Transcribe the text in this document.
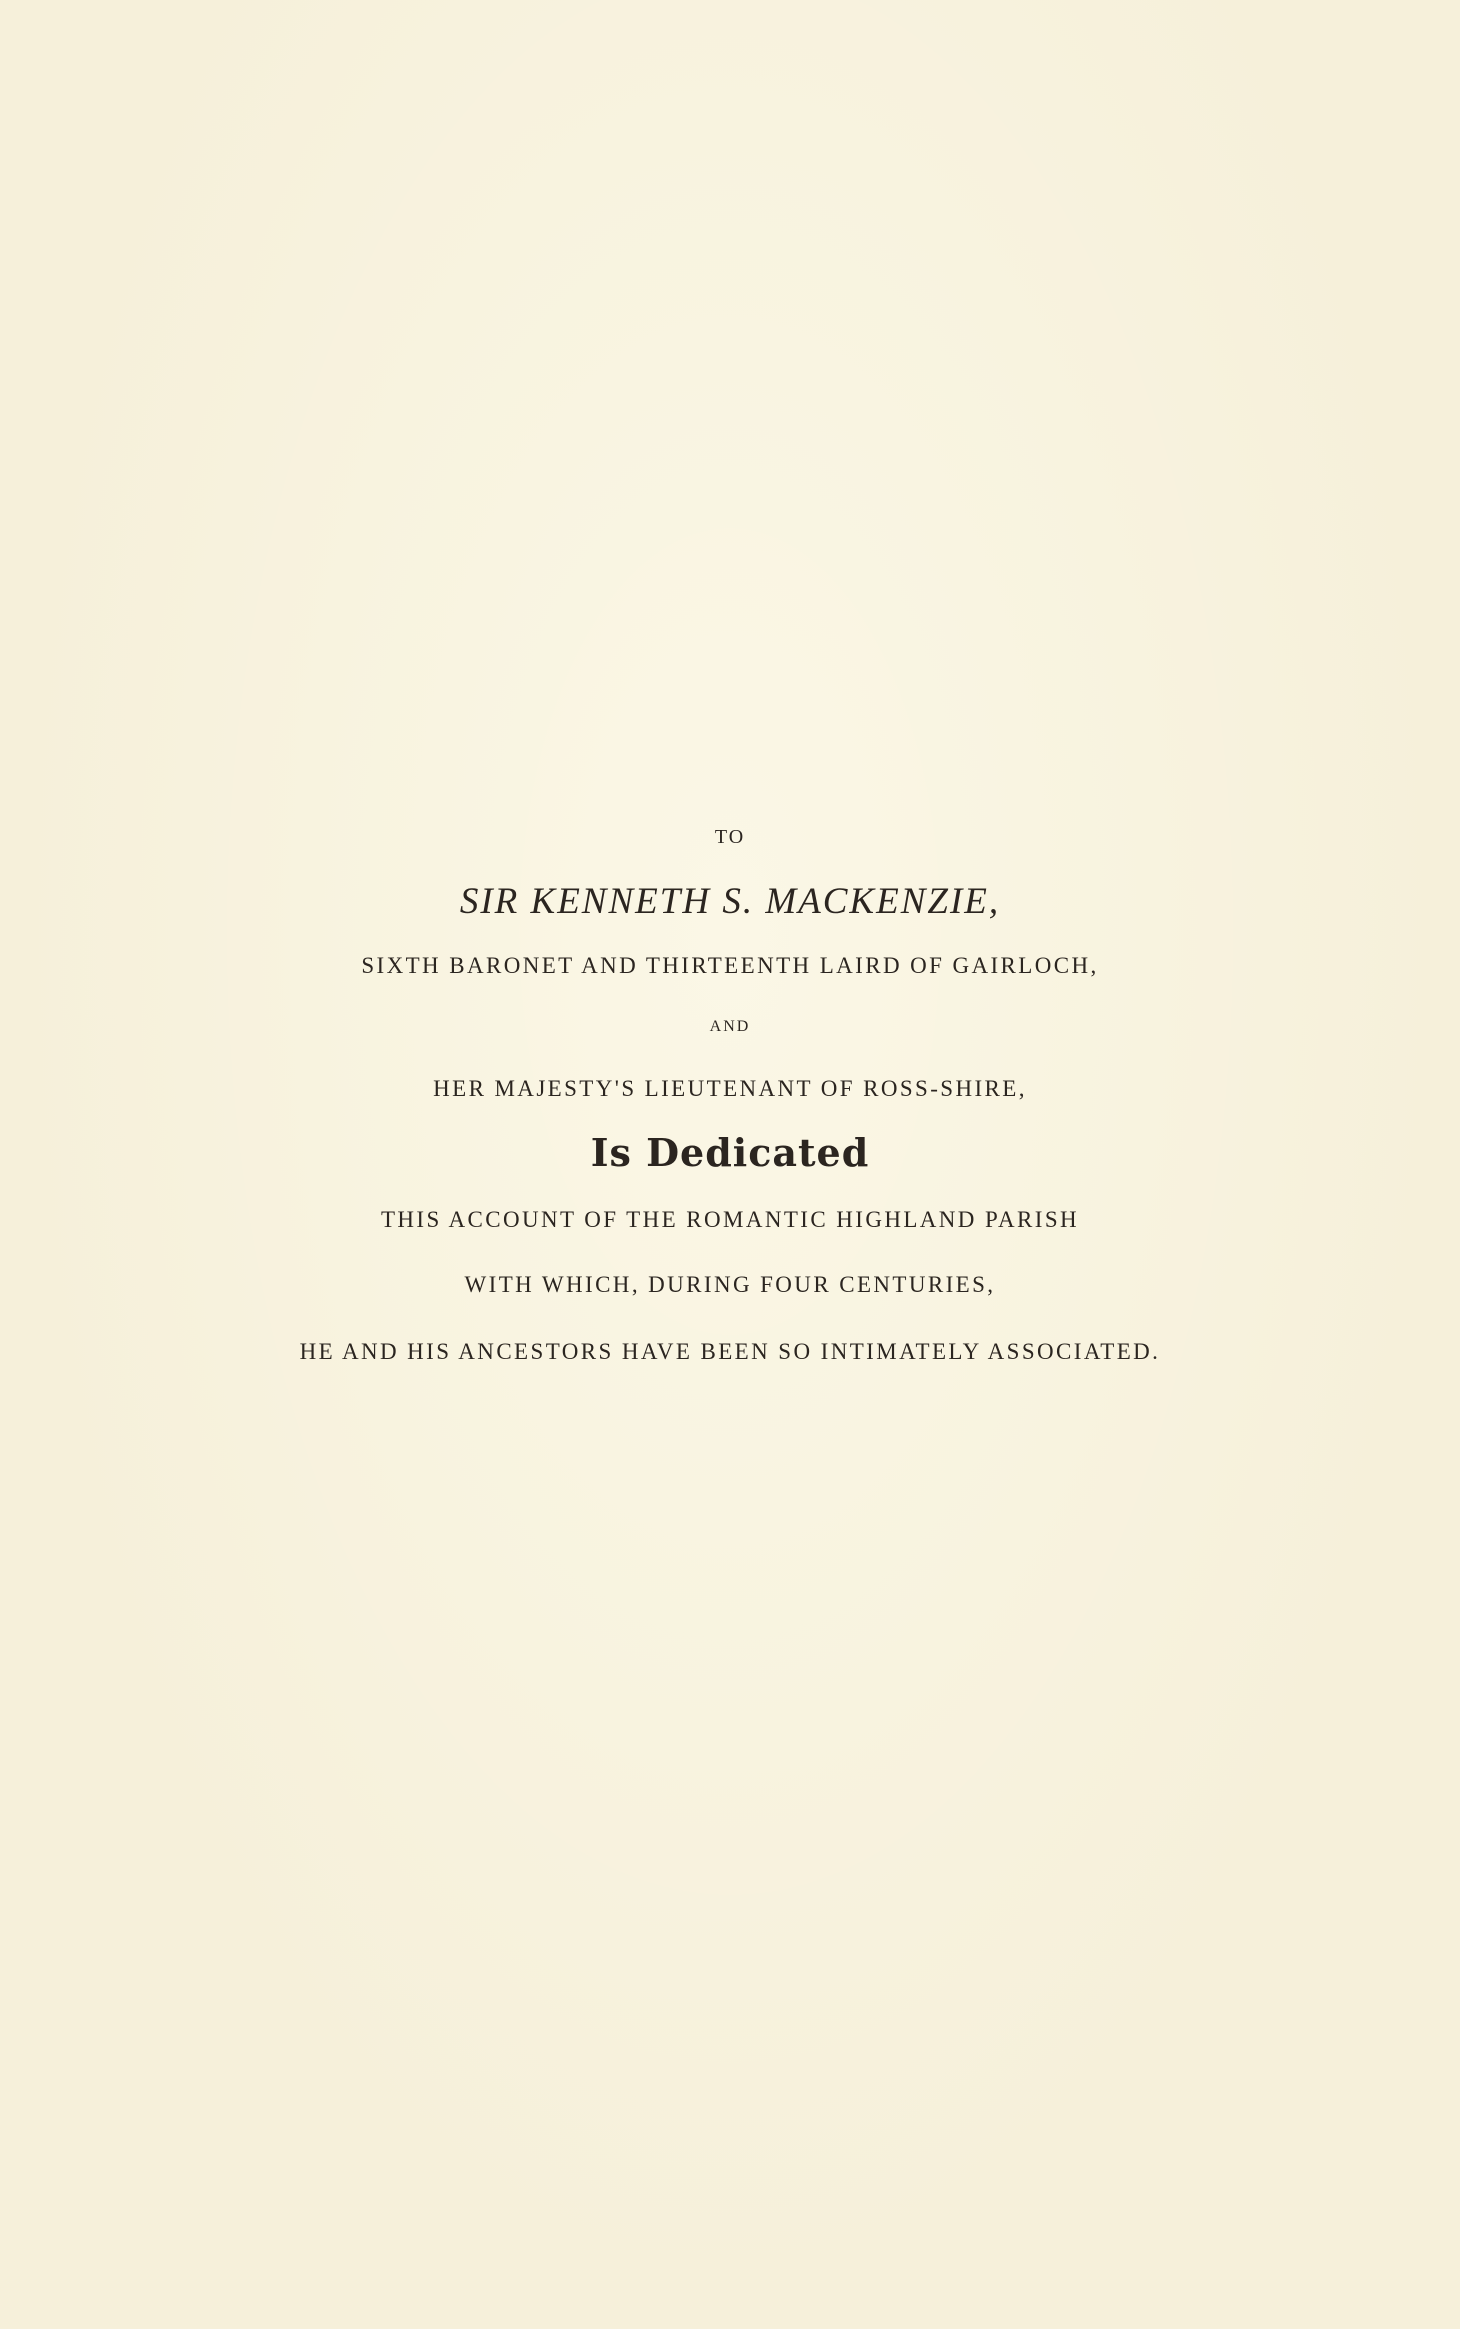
TO
SIR KENNETH S. MACKENZIE,
SIXTH BARONET AND THIRTEENTH LAIRD OF GAIRLOCH,
AND
HER MAJESTY'S LIEUTENANT OF ROSS-SHIRE,
Is Dedicated
THIS ACCOUNT OF THE ROMANTIC HIGHLAND PARISH
WITH WHICH, DURING FOUR CENTURIES,
HE AND HIS ANCESTORS HAVE BEEN SO INTIMATELY ASSOCIATED.
